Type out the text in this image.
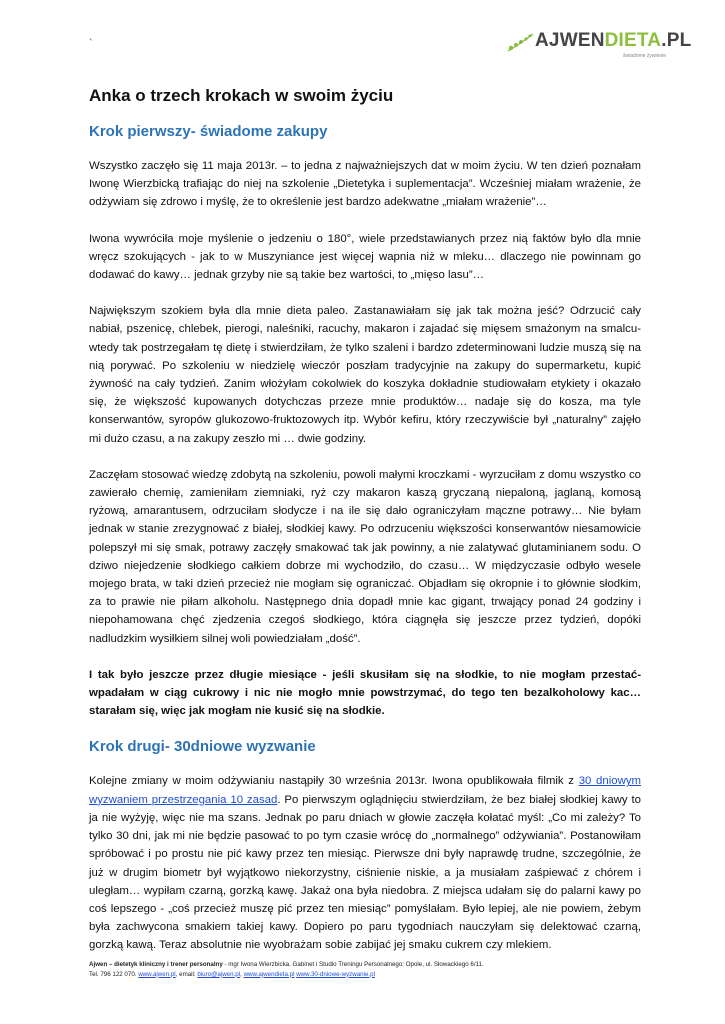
`	AJWENDIETA.PL
świadome żywienie
Anka o trzech krokach w swoim życiu
Krok pierwszy- świadome zakupy

Wszystko zaczęło się 11 maja 2013r. – to jedna z najważniejszych dat w moim życiu. W ten dzień poznałam Iwonę Wierzbicką trafiając do niej na szkolenie „Dietetyka i suplementacja”. Wcześniej miałam wrażenie, że odżywiam się zdrowo i myślę, że to określenie jest bardzo adekwatne „miałam wrażenie”…

Iwona wywróciła moje myślenie o jedzeniu o 180°, wiele przedstawianych przez nią faktów było dla mnie wręcz szokujących - jak to w Muszyniance jest więcej wapnia niż w mleku… dlaczego nie powinnam go dodawać do kawy… jednak grzyby nie są takie bez wartości, to „mięso lasu”…

Największym szokiem była dla mnie dieta paleo. Zastanawiałam się jak tak można jeść? Odrzucić cały nabiał, pszenicę, chlebek, pierogi, naleśniki, racuchy, makaron i zajadać się mięsem smażonym na smalcu- wtedy tak postrzegałam tę dietę i stwierdziłam, że tylko szaleni i bardzo zdeterminowani ludzie muszą się na nią porywać. Po szkoleniu w niedzielę wieczór poszłam tradycyjnie na zakupy do supermarketu, kupić żywność na cały tydzień. Zanim włożyłam cokolwiek do koszyka dokładnie studiowałam etykiety i okazało się, że większość kupowanych dotychczas przeze mnie produktów… nadaje się do kosza, ma tyle konserwantów, syropów glukozowo-fruktozowych itp. Wybór kefiru, który rzeczywiście był „naturalny” zajęło mi dużo czasu, a na zakupy zeszło mi … dwie godziny.

Zaczęłam stosować wiedzę zdobytą na szkoleniu, powoli małymi kroczkami - wyrzuciłam z domu wszystko co zawierało chemię, zamieniłam ziemniaki, ryż czy makaron kaszą gryczaną niepaloną, jaglaną, komosą ryżową, amarantusem, odrzuciłam słodycze i na ile się dało ograniczyłam mączne potrawy… Nie byłam jednak w stanie zrezygnować z białej, słodkiej kawy. Po odrzuceniu większości konserwantów niesamowicie polepszył mi się smak, potrawy zaczęły smakować tak jak powinny, a nie zalatywać glutaminianem sodu. O dziwo niejedzenie słodkiego całkiem dobrze mi wychodziło, do czasu… W międzyczasie odbyło wesele mojego brata, w taki dzień przecież nie mogłam się ograniczać. Objadłam się okropnie i to głównie słodkim, za to prawie nie piłam alkoholu. Następnego dnia dopadł mnie kac gigant, trwający ponad 24 godziny i niepohamowana chęć zjedzenia czegoś słodkiego, która ciągnęła się jeszcze przez tydzień, dopóki nadludzkim wysiłkiem silnej woli powiedziałam „dość”.

I tak było jeszcze przez długie miesiące - jeśli skusiłam się na słodkie, to nie mogłam przestać- wpadałam w ciąg cukrowy i nic nie mogło mnie powstrzymać, do tego ten bezalkoholowy kac… starałam się, więc jak mogłam nie kusić się na słodkie.

Krok drugi- 30dniowe wyzwanie

Kolejne zmiany w moim odżywianiu nastąpiły 30 września 2013r. Iwona opublikowała filmik z 30 dniowym wyzwaniem przestrzegania 10 zasad. Po pierwszym oglądnięciu stwierdziłam, że bez białej słodkiej kawy to ja nie wyżyję, więc nie ma szans. Jednak po paru dniach w głowie zaczęła kołatać myśl: „Co mi zależy? To tylko 30 dni, jak mi nie będzie pasować to po tym czasie wrócę do „normalnego” odżywiania”. Postanowiłam spróbować i po prostu nie pić kawy przez ten miesiąc. Pierwsze dni były naprawdę trudne, szczególnie, że już w drugim biometr był wyjątkowo niekorzystny, ciśnienie niskie, a ja musiałam zaśpiewać z chórem i uległam… wypiłam czarną, gorzką kawę. Jakaż ona była niedobra. Z miejsca udałam się do palarni kawy po coś lepszego - „coś przecież muszę pić przez ten miesiąc” pomyślałam. Było lepiej, ale nie powiem, żebym była zachwycona smakiem takiej kawy. Dopiero po paru tygodniach nauczyłam się delektować czarną, gorzką kawą. Teraz absolutnie nie wyobrażam sobie zabijać jej smaku cukrem czy mlekiem.

Ajwen – dietetyk kliniczny i trener personalny - mgr Iwona Wierzbicka. Gabinet i Studio Treningu Personalnego: Opole, ul. Słowackiego 6/11.
Tel. 796 122 070. www.ajwen.pl, email: biuro@ajwen.pl, www.ajwendieta.pl www.30-dniowe-wyzwanie.pl
